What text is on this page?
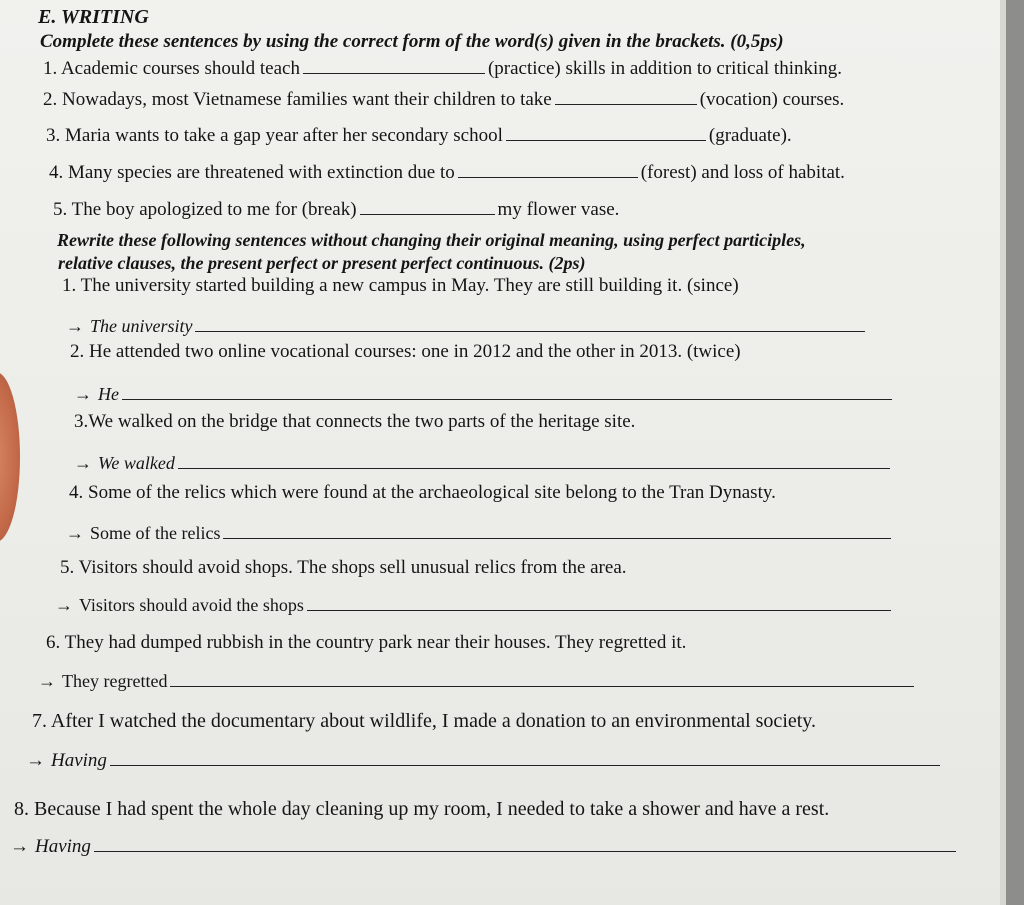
E. WRITING
Complete these sentences by using the correct form of the word(s) given in the brackets. (0,5ps)
1. Academic courses should teach	(practice) skills in addition to critical thinking.
2. Nowadays, most Vietnamese families want their children to take	(vocation) courses.
3. Maria wants to take a gap year after her secondary school	(graduate).
4. Many species are threatened with extinction due to	(forest) and loss of habitat.
5. The boy apologized to me for (break)	my flower vase.
Rewrite these following sentences without changing their original meaning, using perfect participles,
relative clauses, the present perfect or present perfect continuous. (2ps)
1. The university started building a new campus in May. They are still building it. (since)
→ The university
2. He attended two online vocational courses: one in 2012 and the other in 2013. (twice)
→ He
3.We walked on the bridge that connects the two parts of the heritage site.
→ We walked
4. Some of the relics which were found at the archaeological site belong to the Tran Dynasty.
→ Some of the relics
5. Visitors should avoid shops. The shops sell unusual relics from the area.
→ Visitors should avoid the shops
6. They had dumped rubbish in the country park near their houses. They regretted it.
→ They regretted
7. After I watched the documentary about wildlife, I made a donation to an environmental society.
→ Having
8. Because I had spent the whole day cleaning up my room, I needed to take a shower and have a rest.
→ Having
